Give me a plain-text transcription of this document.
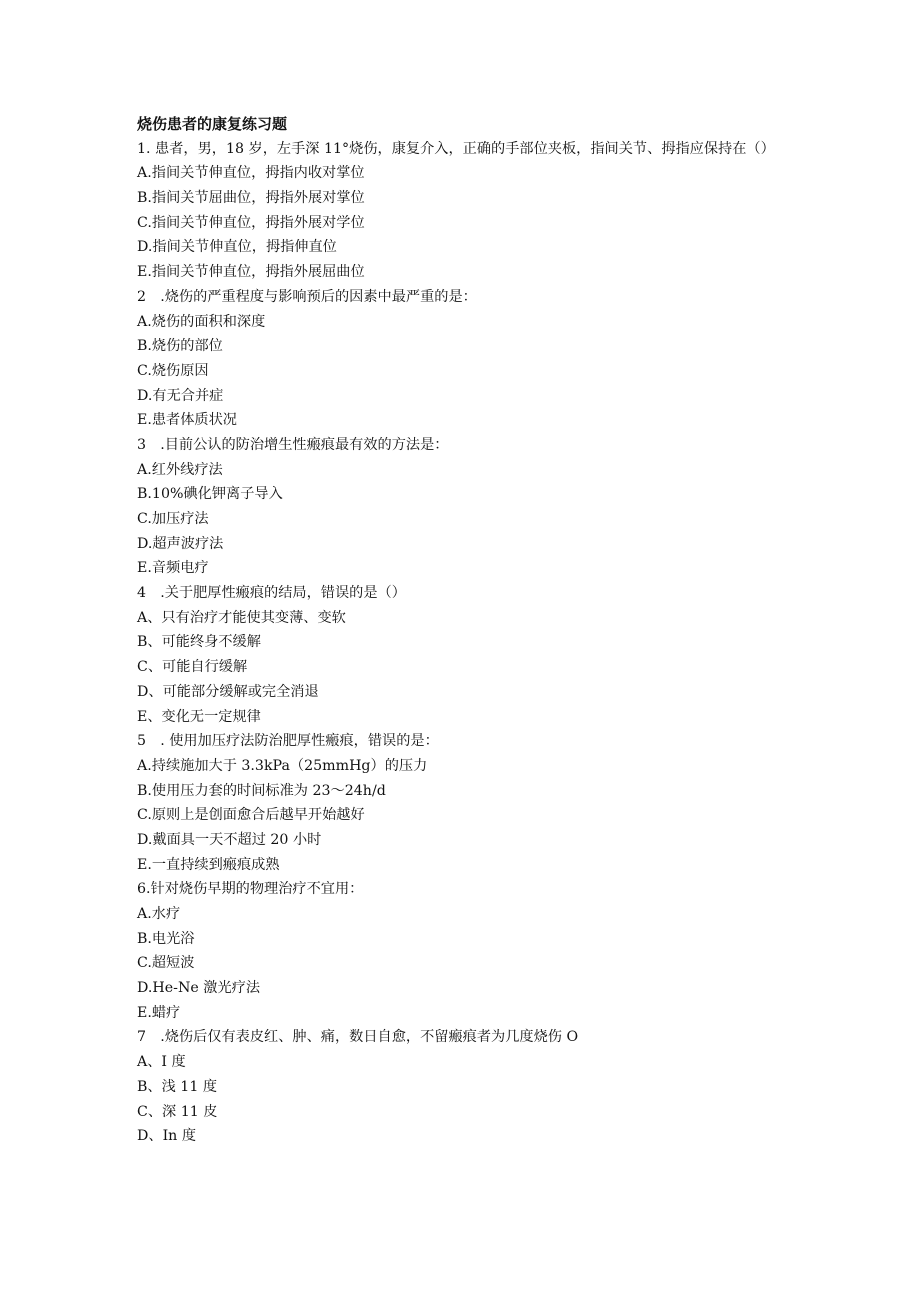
烧伤患者的康复练习题

1. 患者，男，18 岁，左手深 11°烧伤，康复介入，正确的手部位夹板，指间关节、拇指应保持在（）

A.指间关节伸直位，拇指内收对掌位

B.指间关节屈曲位，拇指外展对掌位

C.指间关节伸直位，拇指外展对学位

D.指间关节伸直位，拇指伸直位

E.指间关节伸直位，拇指外展屈曲位

2　.烧伤的严重程度与影响预后的因素中最严重的是：

A.烧伤的面积和深度

B.烧伤的部位

C.烧伤原因

D.有无合并症

E.患者体质状况

3　.目前公认的防治增生性瘢痕最有效的方法是：

A.红外线疗法

B.10%碘化钾离子导入

C.加压疗法

D.超声波疗法

E.音频电疗

4　.关于肥厚性瘢痕的结局，错误的是（）

A、只有治疗才能使其变薄、变软

B、可能终身不缓解

C、可能自行缓解

D、可能部分缓解或完全消退

E、变化无一定规律

5　. 使用加压疗法防治肥厚性瘢痕，错误的是：

A.持续施加大于 3.3kPa（25mmHg）的压力

B.使用压力套的时间标准为 23～24h∕d

C.原则上是创面愈合后越早开始越好

D.戴面具一天不超过 20 小时

E.一直持续到瘢痕成熟

6.针对烧伤早期的物理治疗不宜用：

A.水疗

B.电光浴

C.超短波

D.He-Ne 激光疗法

E.蜡疗

7　.烧伤后仅有表皮红、肿、痛，数日自愈，不留瘢痕者为几度烧伤 O

A、I 度

B、浅 11 度

C、深 11 皮

D、In 度
